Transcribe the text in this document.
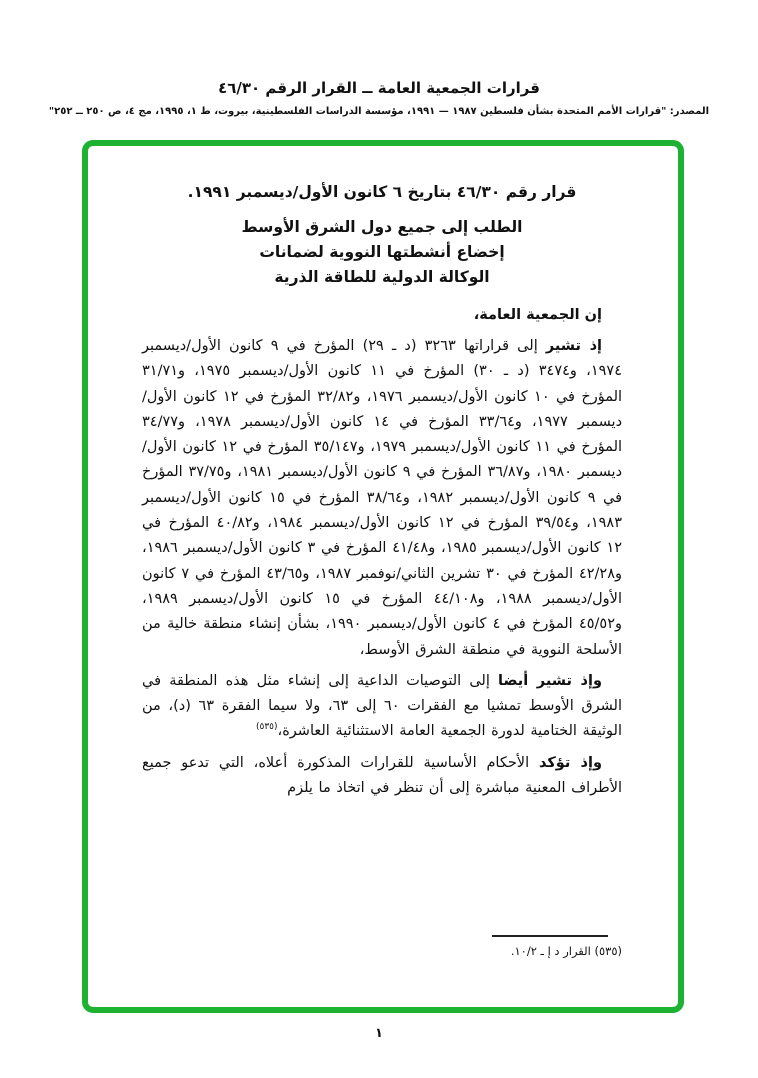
قرارات الجمعية العامة ــ القرار الرقم ٤٦/٣٠
المصدر: "قرارات الأمم المتحدة بشأن فلسطين ١٩٨٧ — ١٩٩١، مؤسسة الدراسات الفلسطينية، بيروت، ط ١، ١٩٩٥، مج ٤، ص ٢٥٠ ــ ٢٥٢"
قرار رقم ٤٦/٣٠ بتاريخ ٦ كانون الأول/ديسمبر ١٩٩١.
الطلب إلى جميع دول الشرق الأوسط
إخضاع أنشطتها النووية لضمانات
الوكالة الدولية للطاقة الذرية
إن الجمعية العامة،

إذ تشير إلى قراراتها ٣٢٦٣ (د ـ ٢٩) المؤرخ في ٩ كانون الأول/ديسمبر ١٩٧٤، و٣٤٧٤ (د ـ ٣٠) المؤرخ في ١١ كانون الأول/ديسمبر ١٩٧٥، و٣١/٧١ المؤرخ في ١٠ كانون الأول/ديسمبر ١٩٧٦، و٣٢/٨٢ المؤرخ في ١٢ كانون الأول/ديسمبر ١٩٧٧، و٣٣/٦٤ المؤرخ في ١٤ كانون الأول/ديسمبر ١٩٧٨، و٣٤/٧٧ المؤرخ في ١١ كانون الأول/ديسمبر ١٩٧٩، و٣٥/١٤٧ المؤرخ في ١٢ كانون الأول/ديسمبر ١٩٨٠، و٣٦/٨٧ المؤرخ في ٩ كانون الأول/ديسمبر ١٩٨١، و٣٧/٧٥ المؤرخ في ٩ كانون الأول/ديسمبر ١٩٨٢، و٣٨/٦٤ المؤرخ في ١٥ كانون الأول/ديسمبر ١٩٨٣، و٣٩/٥٤ المؤرخ في ١٢ كانون الأول/ديسمبر ١٩٨٤، و٤٠/٨٢ المؤرخ في ١٢ كانون الأول/ديسمبر ١٩٨٥، و٤١/٤٨ المؤرخ في ٣ كانون الأول/ديسمبر ١٩٨٦، و٤٢/٢٨ المؤرخ في ٣٠ تشرين الثاني/نوفمبر ١٩٨٧، و٤٣/٦٥ المؤرخ في ٧ كانون الأول/ديسمبر ١٩٨٨، و٤٤/١٠٨ المؤرخ في ١٥ كانون الأول/ديسمبر ١٩٨٩، و٤٥/٥٢ المؤرخ في ٤ كانون الأول/ديسمبر ١٩٩٠، بشأن إنشاء منطقة خالية من الأسلحة النووية في منطقة الشرق الأوسط،

وإذ تشير أيضا إلى التوصيات الداعية إلى إنشاء مثل هذه المنطقة في الشرق الأوسط تمشيا مع الفقرات ٦٠ إلى ٦٣، ولا سيما الفقرة ٦٣ (د)، من الوثيقة الختامية لدورة الجمعية العامة الاستثنائية العاشرة،$^{(٥٣٥)}$

وإذ تؤكد الأحكام الأساسية للقرارات المذكورة أعلاه، التي تدعو جميع الأطراف المعنية مباشرة إلى أن تنظر في اتخاذ ما يلزم

(٥٣٥) القرار د إ ـ ١٠/٢.
١
